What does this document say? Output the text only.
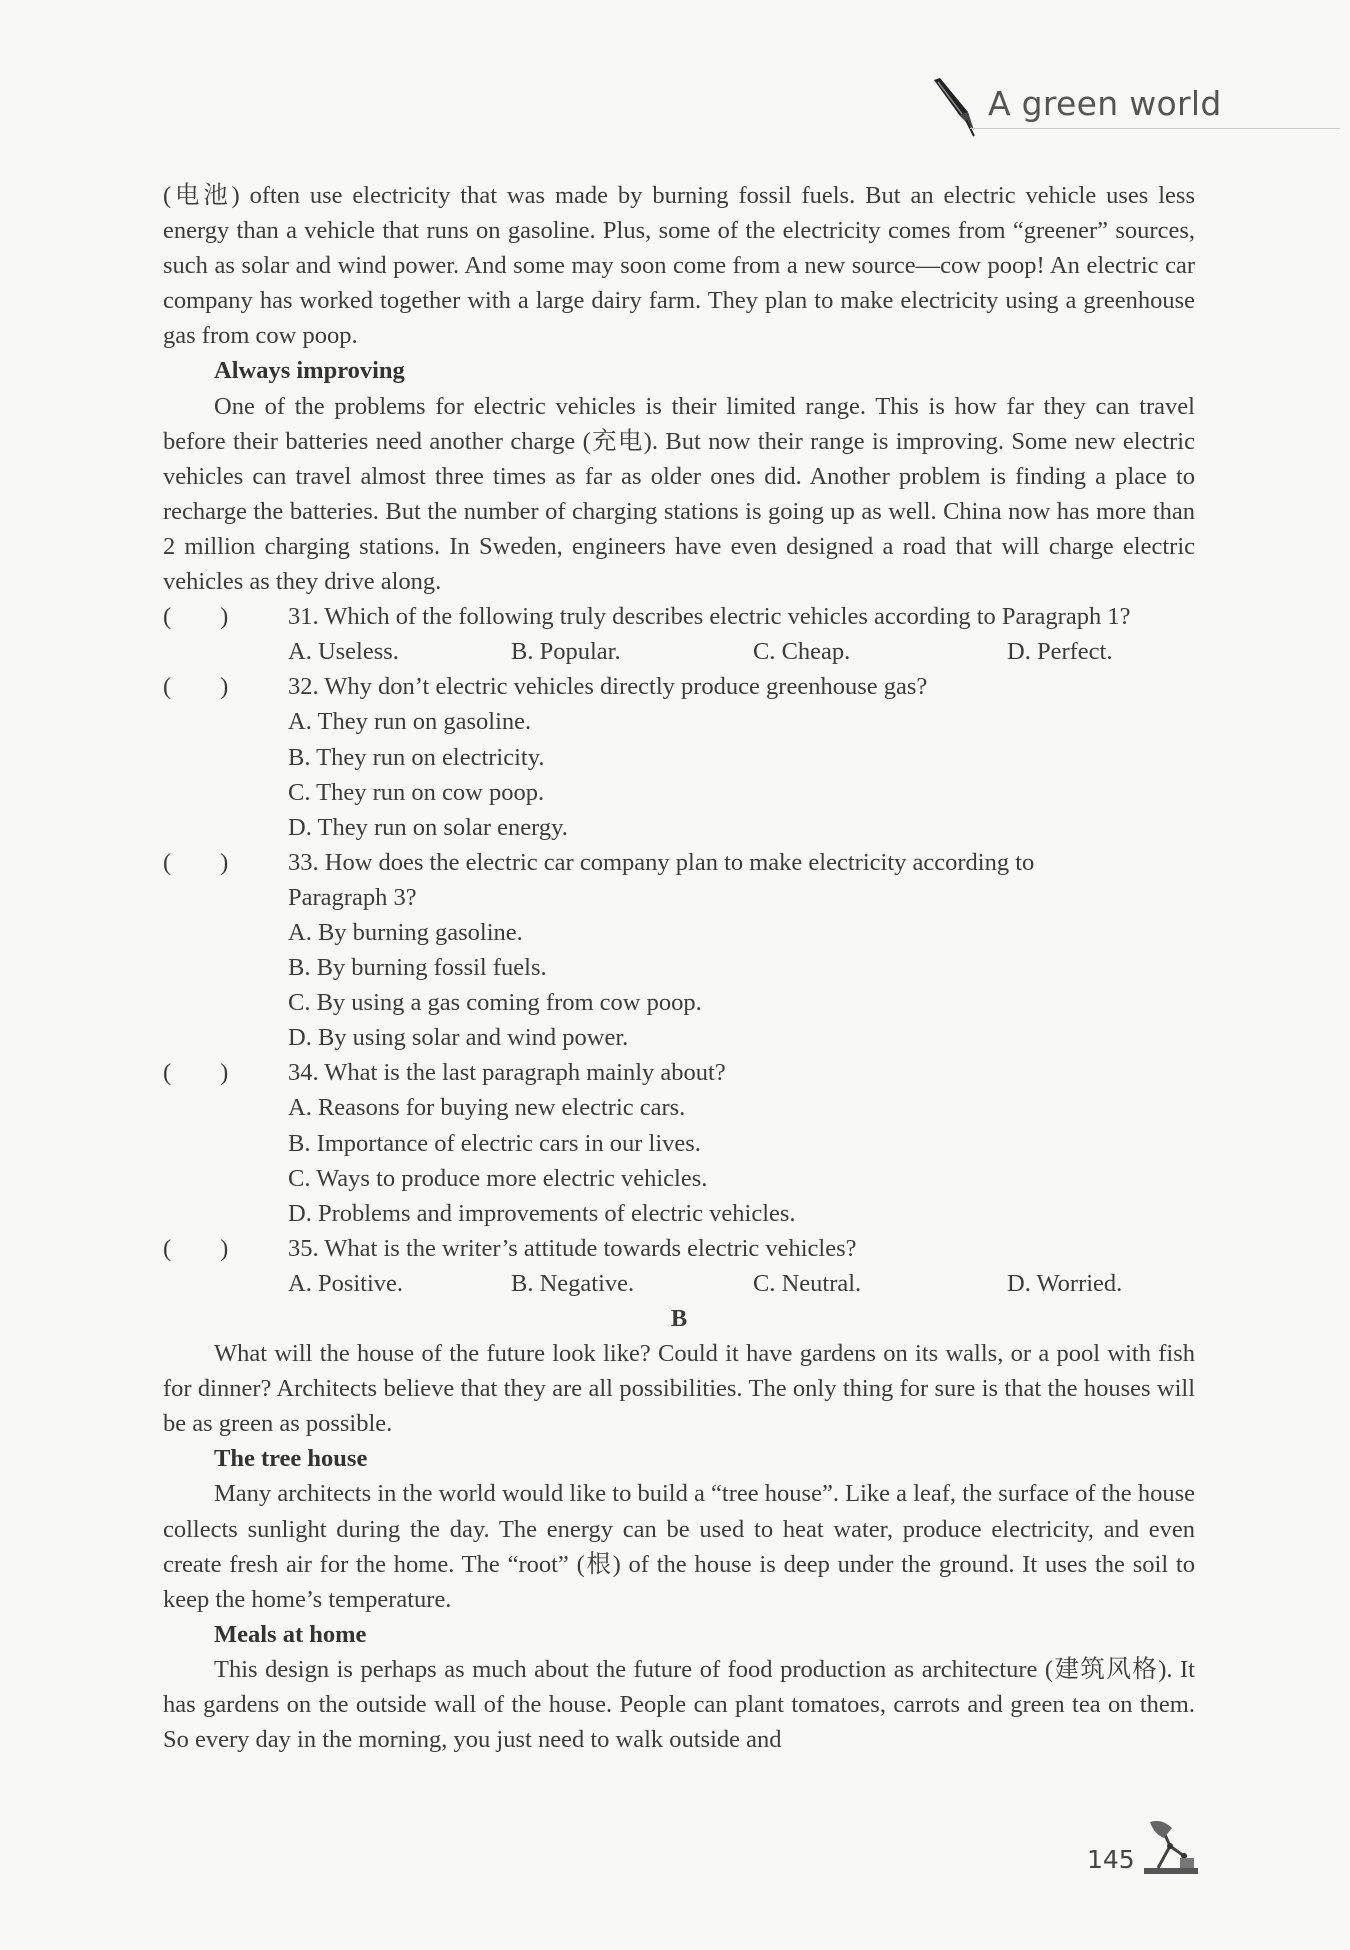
A green world

(电池) often use electricity that was made by burning fossil fuels. But an electric vehicle uses less energy than a vehicle that runs on gasoline. Plus, some of the electricity comes from “greener” sources, such as solar and wind power. And some may soon come from a new source—cow poop! An electric car company has worked together with a large dairy farm. They plan to make electricity using a greenhouse gas from cow poop.

Always improving

One of the problems for electric vehicles is their limited range. This is how far they can travel before their batteries need another charge (充电). But now their range is improving. Some new electric vehicles can travel almost three times as far as older ones did. Another problem is finding a place to recharge the batteries. But the number of charging stations is going up as well. China now has more than 2 million charging stations. In Sweden, engineers have even designed a road that will charge electric vehicles as they drive along.

(        )	31. Which of the following truly describes electric vehicles according to Paragraph 1?
A. Useless.	B. Popular.	C. Cheap.	D. Perfect.
(        )	32. Why don’t electric vehicles directly produce greenhouse gas?
A. They run on gasoline.
B. They run on electricity.
C. They run on cow poop.
D. They run on solar energy.
(        )	33. How does the electric car company plan to make electricity according to Paragraph 3?
A. By burning gasoline.
B. By burning fossil fuels.
C. By using a gas coming from cow poop.
D. By using solar and wind power.
(        )	34. What is the last paragraph mainly about?
A. Reasons for buying new electric cars.
B. Importance of electric cars in our lives.
C. Ways to produce more electric vehicles.
D. Problems and improvements of electric vehicles.
(        )	35. What is the writer’s attitude towards electric vehicles?
A. Positive.	B. Negative.	C. Neutral.	D. Worried.
B

What will the house of the future look like? Could it have gardens on its walls, or a pool with fish for dinner? Architects believe that they are all possibilities. The only thing for sure is that the houses will be as green as possible.

The tree house

Many architects in the world would like to build a “tree house”. Like a leaf, the surface of the house collects sunlight during the day. The energy can be used to heat water, produce electricity, and even create fresh air for the home. The “root” (根) of the house is deep under the ground. It uses the soil to keep the home’s temperature.

Meals at home

This design is perhaps as much about the future of food production as architecture (建筑风格). It has gardens on the outside wall of the house. People can plant tomatoes, carrots and green tea on them. So every day in the morning, you just need to walk outside and

145
